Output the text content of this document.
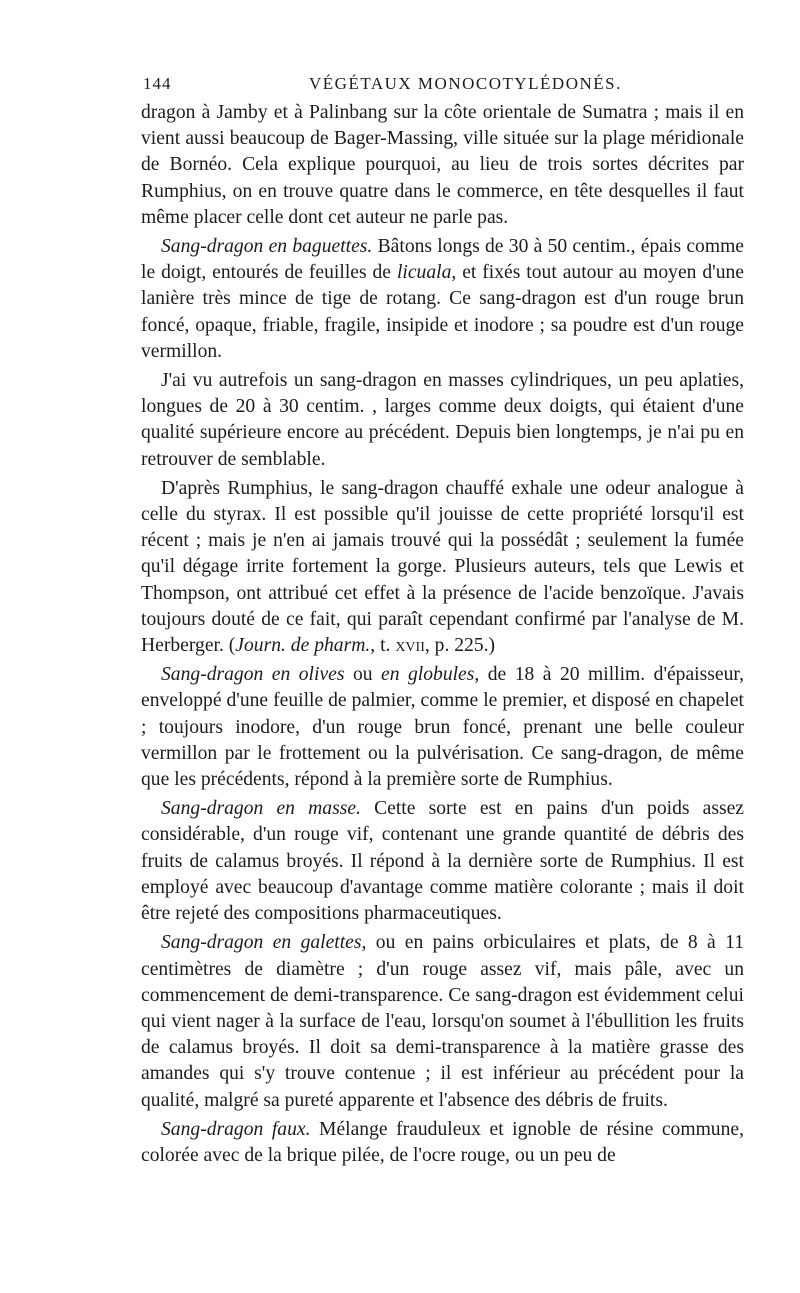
144	VÉGÉTAUX MONOCOTYLÉDONÉS.

dragon à Jamby et à Palinbang sur la côte orientale de Sumatra ; mais il en vient aussi beaucoup de Bager-Massing, ville située sur la plage méridionale de Bornéo. Cela explique pourquoi, au lieu de trois sortes décrites par Rumphius, on en trouve quatre dans le commerce, en tête desquelles il faut même placer celle dont cet auteur ne parle pas.

Sang-dragon en baguettes. Bâtons longs de 30 à 50 centim., épais comme le doigt, entourés de feuilles de licuala, et fixés tout autour au moyen d'une lanière très mince de tige de rotang. Ce sang-dragon est d'un rouge brun foncé, opaque, friable, fragile, insipide et inodore ; sa poudre est d'un rouge vermillon.

J'ai vu autrefois un sang-dragon en masses cylindriques, un peu aplaties, longues de 20 à 30 centim. , larges comme deux doigts, qui étaient d'une qualité supérieure encore au précédent. Depuis bien longtemps, je n'ai pu en retrouver de semblable.

D'après Rumphius, le sang-dragon chauffé exhale une odeur analogue à celle du styrax. Il est possible qu'il jouisse de cette propriété lorsqu'il est récent ; mais je n'en ai jamais trouvé qui la possédât ; seulement la fumée qu'il dégage irrite fortement la gorge. Plusieurs auteurs, tels que Lewis et Thompson, ont attribué cet effet à la présence de l'acide benzoïque. J'avais toujours douté de ce fait, qui paraît cependant confirmé par l'analyse de M. Herberger. (Journ. de pharm., t. xvii, p. 225.)

Sang-dragon en olives ou en globules, de 18 à 20 millim. d'épaisseur, enveloppé d'une feuille de palmier, comme le premier, et disposé en chapelet ; toujours inodore, d'un rouge brun foncé, prenant une belle couleur vermillon par le frottement ou la pulvérisation. Ce sang-dragon, de même que les précédents, répond à la première sorte de Rumphius.

Sang-dragon en masse. Cette sorte est en pains d'un poids assez considérable, d'un rouge vif, contenant une grande quantité de débris des fruits de calamus broyés. Il répond à la dernière sorte de Rumphius. Il est employé avec beaucoup d'avantage comme matière colorante ; mais il doit être rejeté des compositions pharmaceutiques.

Sang-dragon en galettes, ou en pains orbiculaires et plats, de 8 à 11 centimètres de diamètre ; d'un rouge assez vif, mais pâle, avec un commencement de demi-transparence. Ce sang-dragon est évidemment celui qui vient nager à la surface de l'eau, lorsqu'on soumet à l'ébullition les fruits de calamus broyés. Il doit sa demi-transparence à la matière grasse des amandes qui s'y trouve contenue ; il est inférieur au précédent pour la qualité, malgré sa pureté apparente et l'absence des débris de fruits.

Sang-dragon faux. Mélange frauduleux et ignoble de résine commune, colorée avec de la brique pilée, de l'ocre rouge, ou un peu de
